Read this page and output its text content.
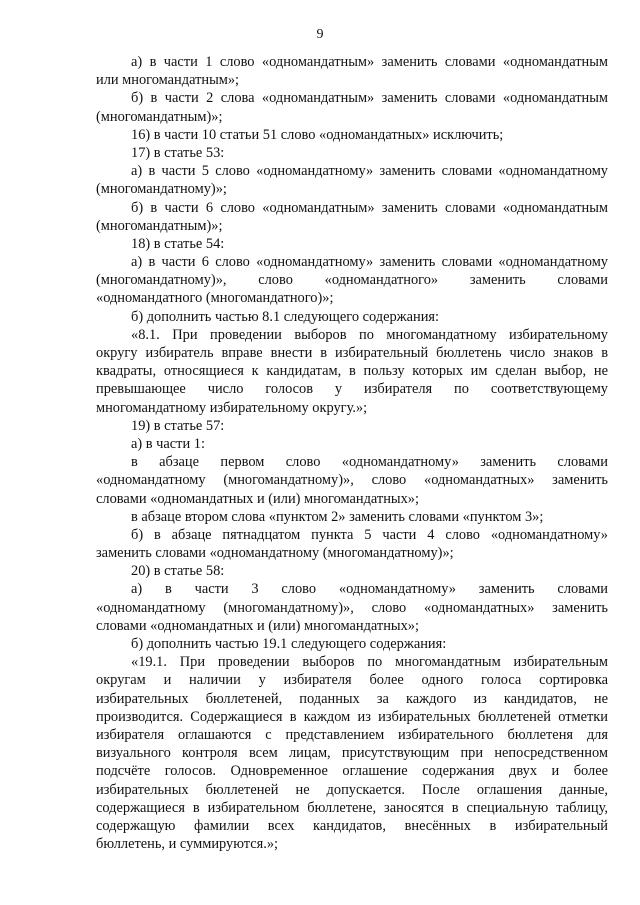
9
а) в части 1 слово «одномандатным» заменить словами «одномандатным
или многомандатным»;
б) в части 2 слова «одномандатным» заменить словами «одномандатным
(многомандатным)»;
16) в части 10 статьи 51 слово «одномандатных» исключить;
17) в статье 53:
а) в части 5 слово «одномандатному» заменить словами «одномандатному
(многомандатному)»;
б) в части 6 слово «одномандатным» заменить словами «одномандатным
(многомандатным)»;
18) в статье 54:
а) в части 6 слово «одномандатному» заменить словами «одномандатному
(многомандатному)», слово «одномандатного» заменить словами
«одномандатного (многомандатного)»;
б) дополнить частью 8.1 следующего содержания:
«8.1. При проведении выборов по многомандатному избирательному
округу избиратель вправе внести в избирательный бюллетень число знаков в
квадраты, относящиеся к кандидатам, в пользу которых им сделан выбор, не
превышающее число голосов у избирателя по соответствующему
многомандатному избирательному округу.»;
19) в статье 57:
а) в части 1:
в абзаце первом слово «одномандатному» заменить словами
«одномандатному (многомандатному)», слово «одномандатных» заменить
словами «одномандатных и (или) многомандатных»;
в абзаце втором слова «пунктом 2» заменить словами «пунктом 3»;
б) в абзаце пятнадцатом пункта 5 части 4 слово «одномандатному»
заменить словами «одномандатному (многомандатному)»;
20) в статье 58:
а) в части 3 слово «одномандатному» заменить словами
«одномандатному (многомандатному)», слово «одномандатных» заменить
словами «одномандатных и (или) многомандатных»;
б) дополнить частью 19.1 следующего содержания:
«19.1. При проведении выборов по многомандатным избирательным
округам и наличии у избирателя более одного голоса сортировка
избирательных бюллетеней, поданных за каждого из кандидатов, не
производится. Содержащиеся в каждом из избирательных бюллетеней отметки
избирателя оглашаются с представлением избирательного бюллетеня для
визуального контроля всем лицам, присутствующим при непосредственном
подсчёте голосов. Одновременное оглашение содержания двух и более
избирательных бюллетеней не допускается. После оглашения данные,
содержащиеся в избирательном бюллетене, заносятся в специальную таблицу,
содержащую фамилии всех кандидатов, внесённых в избирательный
бюллетень, и суммируются.»;
